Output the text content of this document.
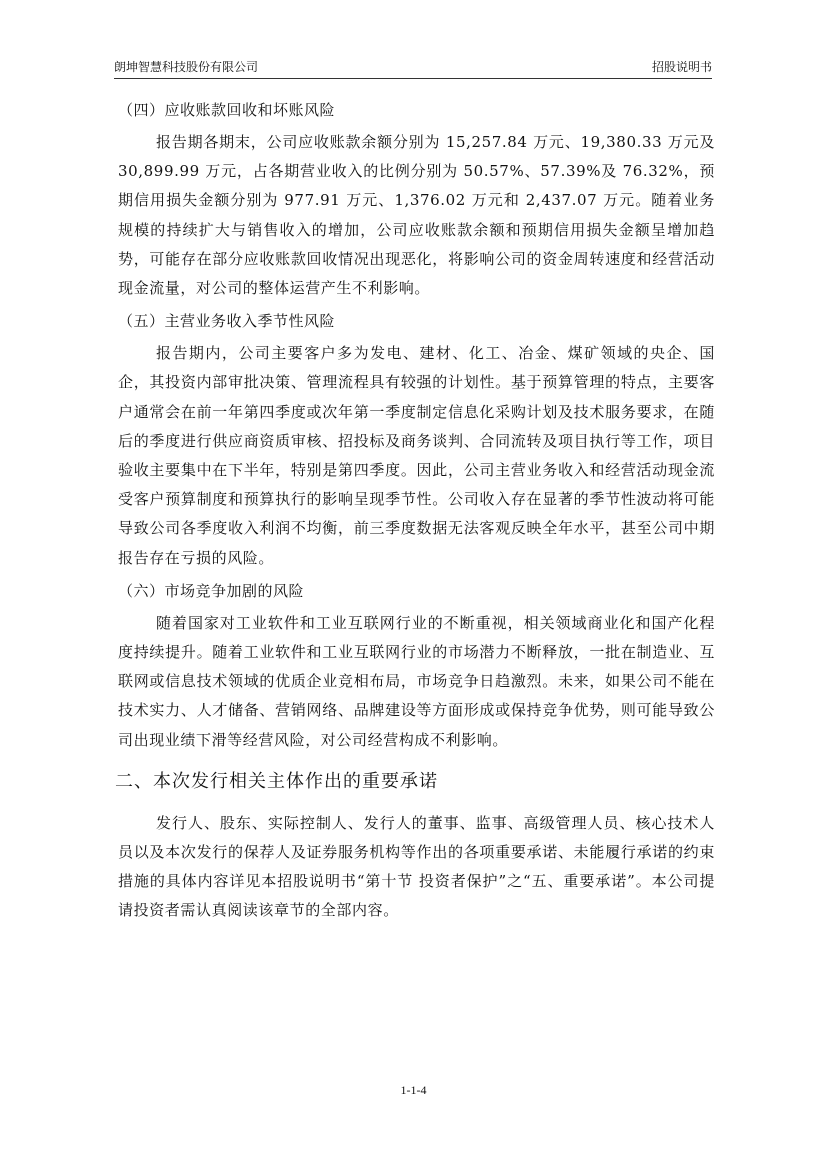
朗坤智慧科技股份有限公司	招股说明书

（四）应收账款回收和坏账风险

报告期各期末，公司应收账款余额分别为 15,257.84 万元、19,380.33 万元及 30,899.99 万元，占各期营业收入的比例分别为 50.57%、57.39%及 76.32%，预期信用损失金额分别为 977.91 万元、1,376.02 万元和 2,437.07 万元。随着业务规模的持续扩大与销售收入的增加，公司应收账款余额和预期信用损失金额呈增加趋势，可能存在部分应收账款回收情况出现恶化，将影响公司的资金周转速度和经营活动现金流量，对公司的整体运营产生不利影响。

（五）主营业务收入季节性风险

报告期内，公司主要客户多为发电、建材、化工、冶金、煤矿领域的央企、国企，其投资内部审批决策、管理流程具有较强的计划性。基于预算管理的特点，主要客户通常会在前一年第四季度或次年第一季度制定信息化采购计划及技术服务要求，在随后的季度进行供应商资质审核、招投标及商务谈判、合同流转及项目执行等工作，项目验收主要集中在下半年，特别是第四季度。因此，公司主营业务收入和经营活动现金流受客户预算制度和预算执行的影响呈现季节性。公司收入存在显著的季节性波动将可能导致公司各季度收入利润不均衡，前三季度数据无法客观反映全年水平，甚至公司中期报告存在亏损的风险。

（六）市场竞争加剧的风险

随着国家对工业软件和工业互联网行业的不断重视，相关领域商业化和国产化程度持续提升。随着工业软件和工业互联网行业的市场潜力不断释放，一批在制造业、互联网或信息技术领域的优质企业竞相布局，市场竞争日趋激烈。未来，如果公司不能在技术实力、人才储备、营销网络、品牌建设等方面形成或保持竞争优势，则可能导致公司出现业绩下滑等经营风险，对公司经营构成不利影响。

二、本次发行相关主体作出的重要承诺

发行人、股东、实际控制人、发行人的董事、监事、高级管理人员、核心技术人员以及本次发行的保荐人及证券服务机构等作出的各项重要承诺、未能履行承诺的约束措施的具体内容详见本招股说明书“第十节 投资者保护”之“五、重要承诺”。本公司提请投资者需认真阅读该章节的全部内容。

1-1-4
